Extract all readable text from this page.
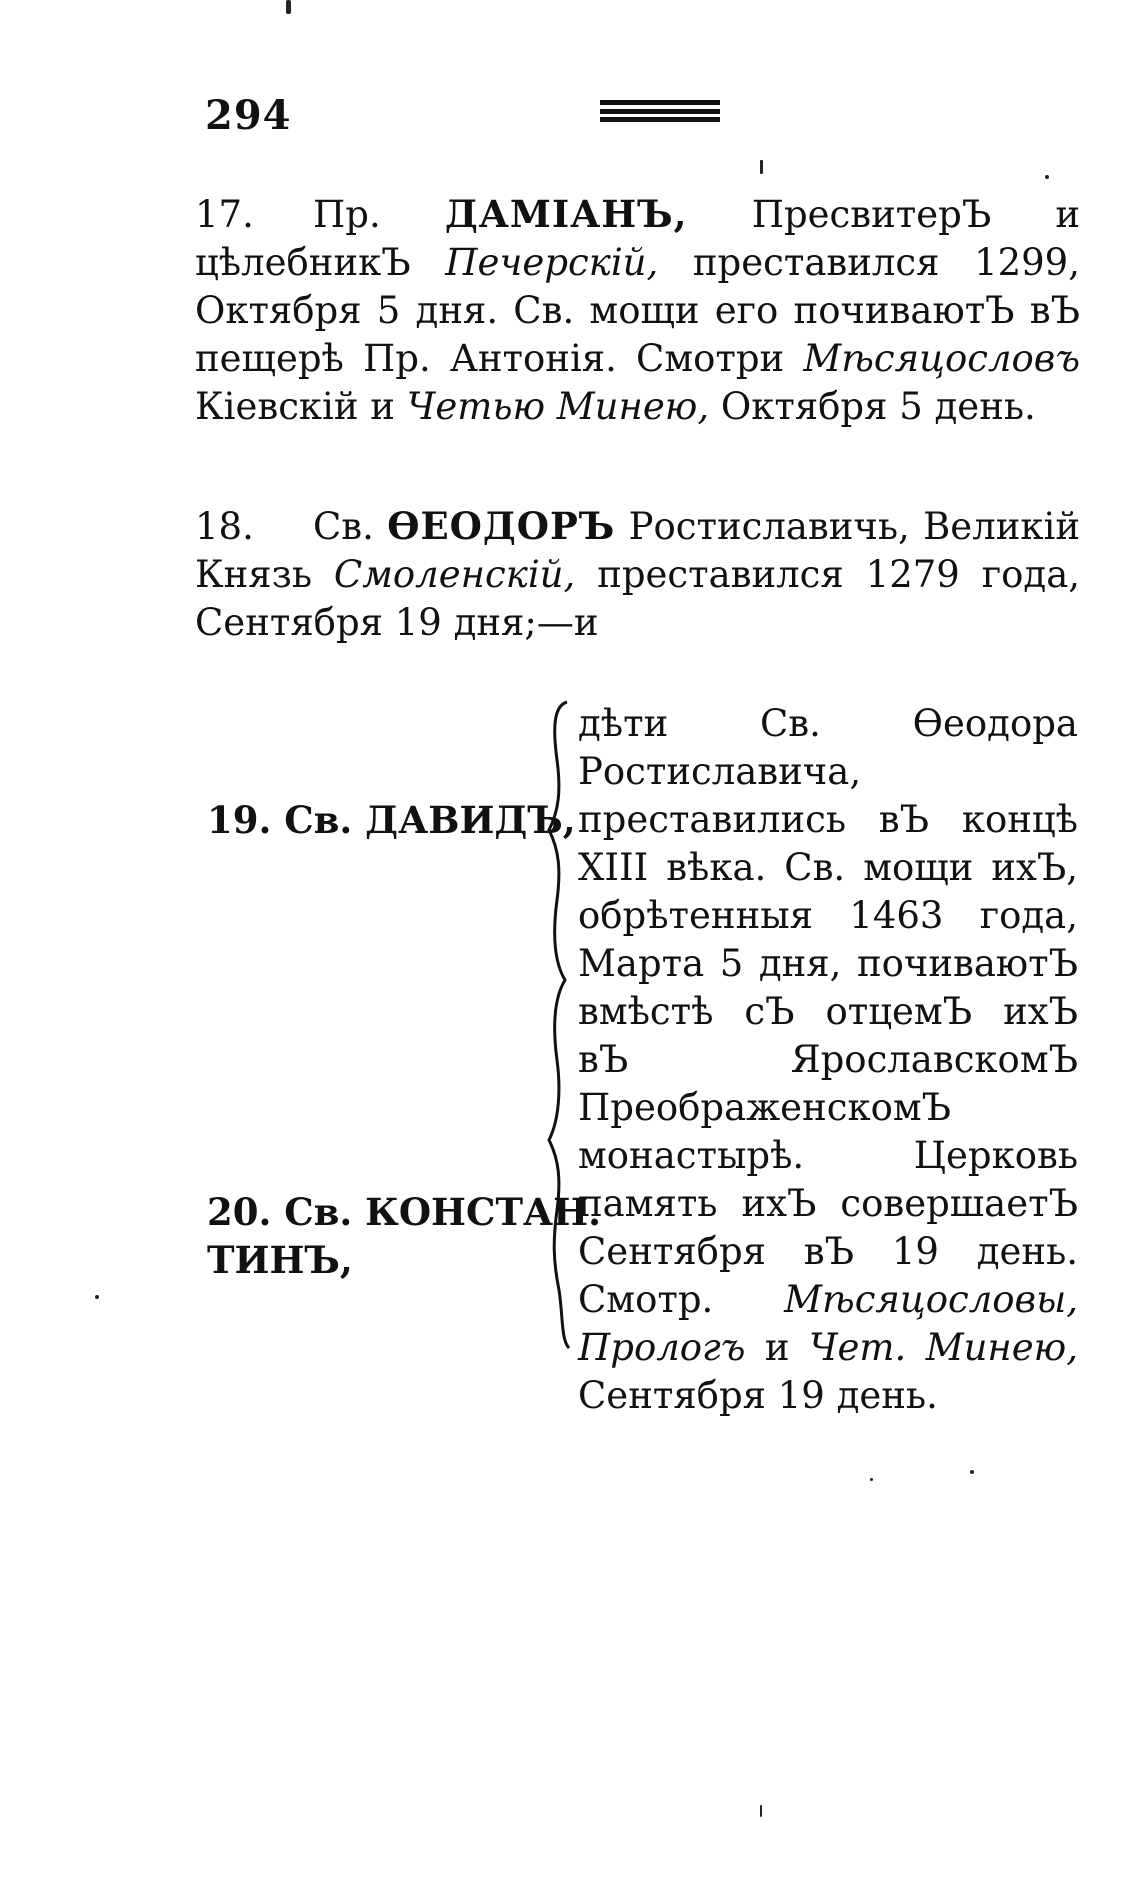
294
17. Пр. ДАМІАНЪ, ПресвитерЪ и цѣлебникЪ Печерскій, преставился 1299, Октября 5 дня. Св. мощи его почиваютЪ вЪ пещерѣ Пр. Антонія. Смотри Мѣсяцословъ Кіевскій и Четью Минею, Октября 5 день.
18. Св. ѲЕОДОРЪ Ростиславичь, Великій Князь Смоленскій, преставился 1279 года, Сентября 19 дня;—и
19. Св. ДАВИДЪ,
20. Св. КОНСТАН.
ТИНЪ,
дѣти Св. Ѳеодора Ростиславича, преставились вЪ концѣ XIII вѣка. Св. мощи ихЪ, обрѣтенныя 1463 года, Марта 5 дня, почиваютЪ вмѣстѣ сЪ отцемЪ ихЪ вЪ ЯрославскомЪ ПреображенскомЪ монастырѣ. Церковь память ихЪ совершаетЪ Сентября вЪ 19 день. Смотр. Мѣсяцословы, Прологъ и Чет. Минею, Сентября 19 день.
